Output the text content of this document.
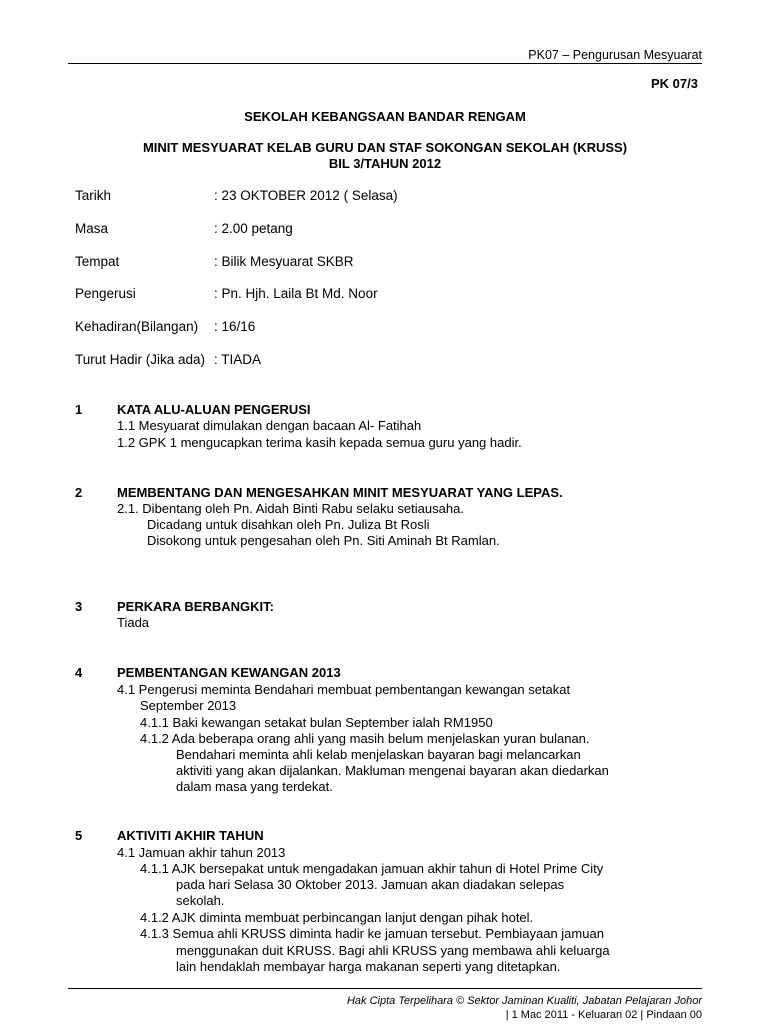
PK07 – Pengurusan Mesyuarat
PK 07/3
SEKOLAH KEBANGSAAN BANDAR RENGAM
MINIT MESYUARAT KELAB GURU DAN STAF SOKONGAN SEKOLAH (KRUSS)
BIL 3/TAHUN 2012
Tarikh	: 23 OKTOBER 2012 ( Selasa)
Masa	: 2.00 petang
Tempat	: Bilik Mesyuarat SKBR
Pengerusi	: Pn. Hjh. Laila Bt Md. Noor
Kehadiran(Bilangan) : 16/16
Turut Hadir (Jika ada) : TIADA
1	KATA ALU-ALUAN PENGERUSI
1.1 Mesyuarat dimulakan dengan bacaan Al- Fatihah
1.2 GPK 1 mengucapkan terima kasih kepada semua guru yang hadir.
2	MEMBENTANG DAN MENGESAHKAN MINIT MESYUARAT YANG LEPAS.
2.1. Dibentang oleh Pn. Aidah Binti Rabu selaku setiausaha.
Dicadang untuk disahkan oleh Pn. Juliza Bt Rosli
Disokong untuk pengesahan oleh Pn. Siti Aminah Bt Ramlan.
3	PERKARA BERBANGKIT:
Tiada
4	PEMBENTANGAN KEWANGAN 2013
4.1 Pengerusi meminta Bendahari membuat pembentangan kewangan setakat
September 2013
4.1.1 Baki kewangan setakat bulan September ialah RM1950
4.1.2 Ada beberapa orang ahli yang masih belum menjelaskan yuran bulanan.
Bendahari meminta ahli kelab menjelaskan bayaran bagi melancarkan
aktiviti yang akan dijalankan. Makluman mengenai bayaran akan diedarkan
dalam masa yang terdekat.
5	AKTIVITI AKHIR TAHUN
4.1 Jamuan akhir tahun 2013
4.1.1 AJK bersepakat untuk mengadakan jamuan akhir tahun di Hotel Prime City
pada hari Selasa 30 Oktober 2013. Jamuan akan diadakan selepas
sekolah.
4.1.2 AJK diminta membuat perbincangan lanjut dengan pihak hotel.
4.1.3 Semua ahli KRUSS diminta hadir ke jamuan tersebut. Pembiayaan jamuan
menggunakan duit KRUSS. Bagi ahli KRUSS yang membawa ahli keluarga
lain hendaklah membayar harga makanan seperti yang ditetapkan.
Hak Cipta Terpelihara © Sektor Jaminan Kualiti, Jabatan Pelajaran Johor
| 1 Mac 2011 - Keluaran 02 | Pindaan 00
